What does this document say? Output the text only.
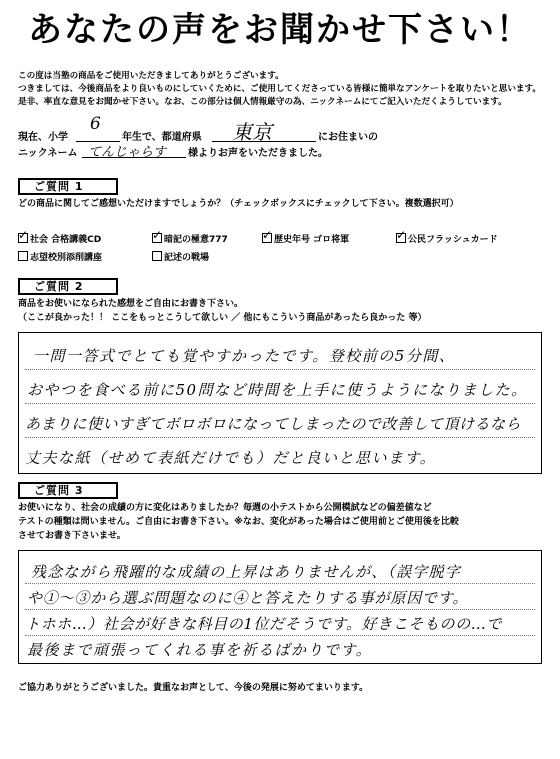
あなたの声をお聞かせ下さい！
この度は当塾の商品をご使用いただきましてありがとうございます。
つきましては、今後商品をより良いものにしていくために、ご使用してくださっている皆様に簡単なアンケートを取りたいと思います。
是非、率直な意見をお聞かせ下さい。なお、この部分は個人情報厳守の為、ニックネームにてご記入いただくようしています。
現在、小学
6
年生で、都道府県 東京	にお住まいの
ニックネーム てんじゃらす 様よりお声をいただきました。
ご質問 1
どの商品に関してご感想いただけますでしょうか？（チェックボックスにチェックして下さい。複数選択可）
✓ 社会 合格講義CD	✓ 暗記の極意777	✓ 歴史年号 ゴロ将軍	✓ 公民フラッシュカード
志望校別添削講座	記述の戦場
ご質問 2
商品をお使いになられた感想をご自由にお書き下さい。
（ここが良かった！！ ここをもっとこうして欲しい ／ 他にもこういう商品があったら良かった 等）
一問一答式でとても覚やすかったです。登校前の5分間、
おやつを食べる前に50問など時間を上手に使うようになりました。
あまりに使いすぎてボロボロになってしまったので改善して頂けるなら
丈夫な紙（せめて表紙だけでも）だと良いと思います。
ご質問 3
お使いになり、社会の成績の方に変化はありましたか？毎週の小テストから公開模試などの偏差値など
テストの種類は問いません。ご自由にお書き下さい。※なお、変化があった場合はご使用前とご使用後を比較
させてお書き下さいませ。
残念ながら飛躍的な成績の上昇はありませんが、（誤字脱字
や①〜③から選ぶ問題なのに④と答えたりする事が原因です。
トホホ…）社会が好きな科目の1位だそうです。好きこそものの…で
最後まで頑張ってくれる事を祈るばかりです。
ご協力ありがとうございました。貴重なお声として、今後の発展に努めてまいります。
